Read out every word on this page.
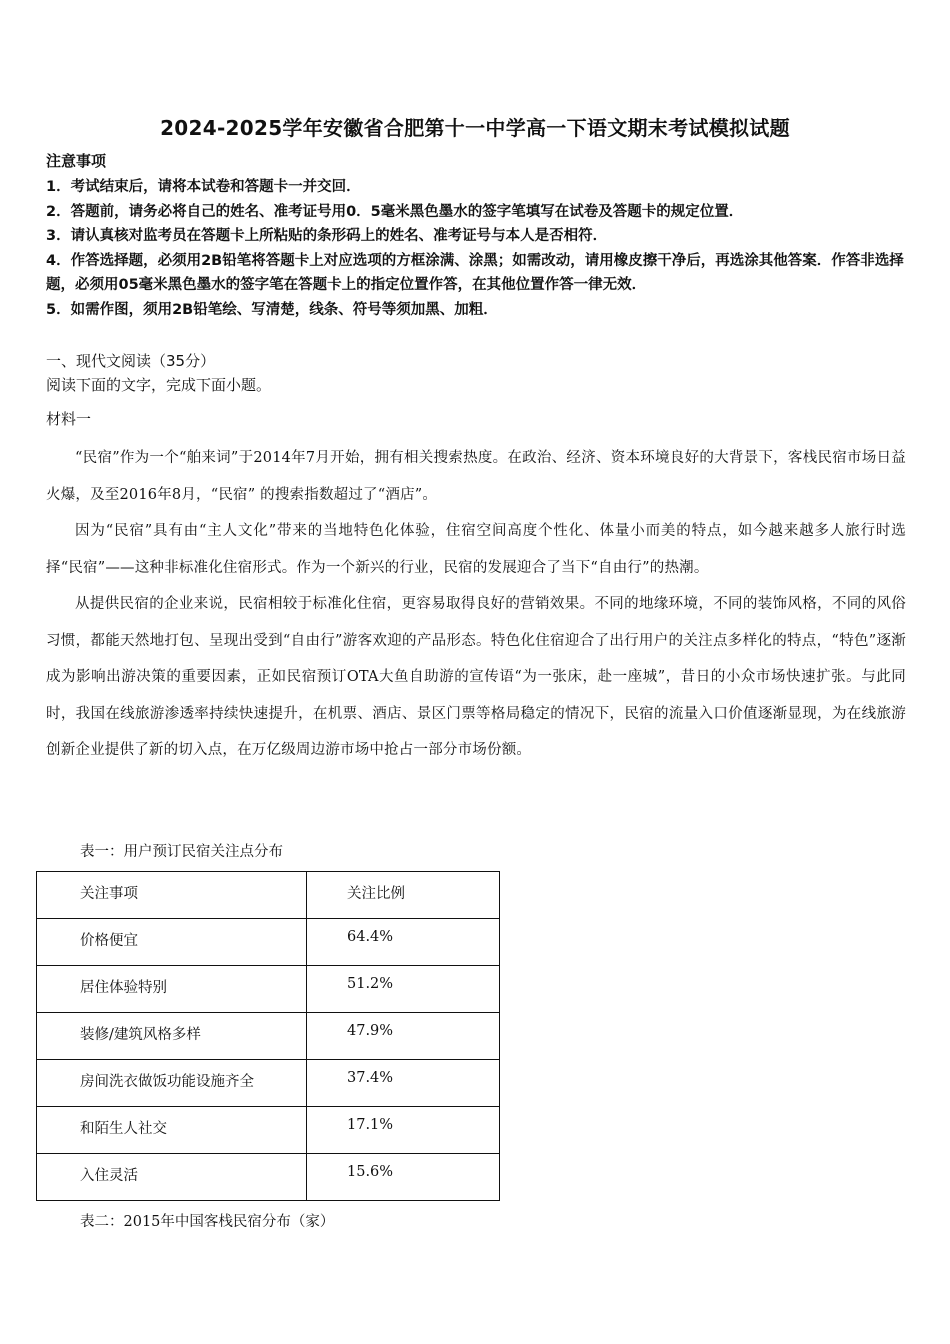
2024-2025学年安徽省合肥第十一中学高一下语文期末考试模拟试题
注意事项
1．考试结束后，请将本试卷和答题卡一并交回．
2．答题前，请务必将自己的姓名、准考证号用0．5毫米黑色墨水的签字笔填写在试卷及答题卡的规定位置．
3．请认真核对监考员在答题卡上所粘贴的条形码上的姓名、准考证号与本人是否相符．
4．作答选择题，必须用2B铅笔将答题卡上对应选项的方框涂满、涂黑；如需改动，请用橡皮擦干净后，再选涂其他答案．作答非选择题，必须用05毫米黑色墨水的签字笔在答题卡上的指定位置作答，在其他位置作答一律无效．
5．如需作图，须用2B铅笔绘、写清楚，线条、符号等须加黑、加粗．
一、现代文阅读（35分）
阅读下面的文字，完成下面小题。
材料一

“民宿”作为一个“舶来词”于2014年7月开始，拥有相关搜索热度。在政治、经济、资本环境良好的大背景下，客栈民宿市场日益火爆，及至2016年8月，“民宿” 的搜索指数超过了“酒店”。

因为“民宿”具有由“主人文化”带来的当地特色化体验，住宿空间高度个性化、体量小而美的特点，如今越来越多人旅行时选择“民宿”——这种非标准化住宿形式。作为一个新兴的行业，民宿的发展迎合了当下“自由行”的热潮。

从提供民宿的企业来说，民宿相较于标准化住宿，更容易取得良好的营销效果。不同的地缘环境，不同的装饰风格，不同的风俗习惯，都能天然地打包、呈现出受到“自由行”游客欢迎的产品形态。特色化住宿迎合了出行用户的关注点多样化的特点，“特色”逐渐成为影响出游决策的重要因素，正如民宿预订OTA大鱼自助游的宣传语“为一张床，赴一座城”，昔日的小众市场快速扩张。与此同时，我国在线旅游渗透率持续快速提升，在机票、酒店、景区门票等格局稳定的情况下，民宿的流量入口价值逐渐显现，为在线旅游创新企业提供了新的切入点，在万亿级周边游市场中抢占一部分市场份额。

表一：用户预订民宿关注点分布
关注事项	关注比例
价格便宜	64.4%
居住体验特别	51.2%
装修/建筑风格多样	47.9%
房间洗衣做饭功能设施齐全	37.4%
和陌生人社交	17.1%
入住灵活	15.6%
表二：2015年中国客栈民宿分布（家）
